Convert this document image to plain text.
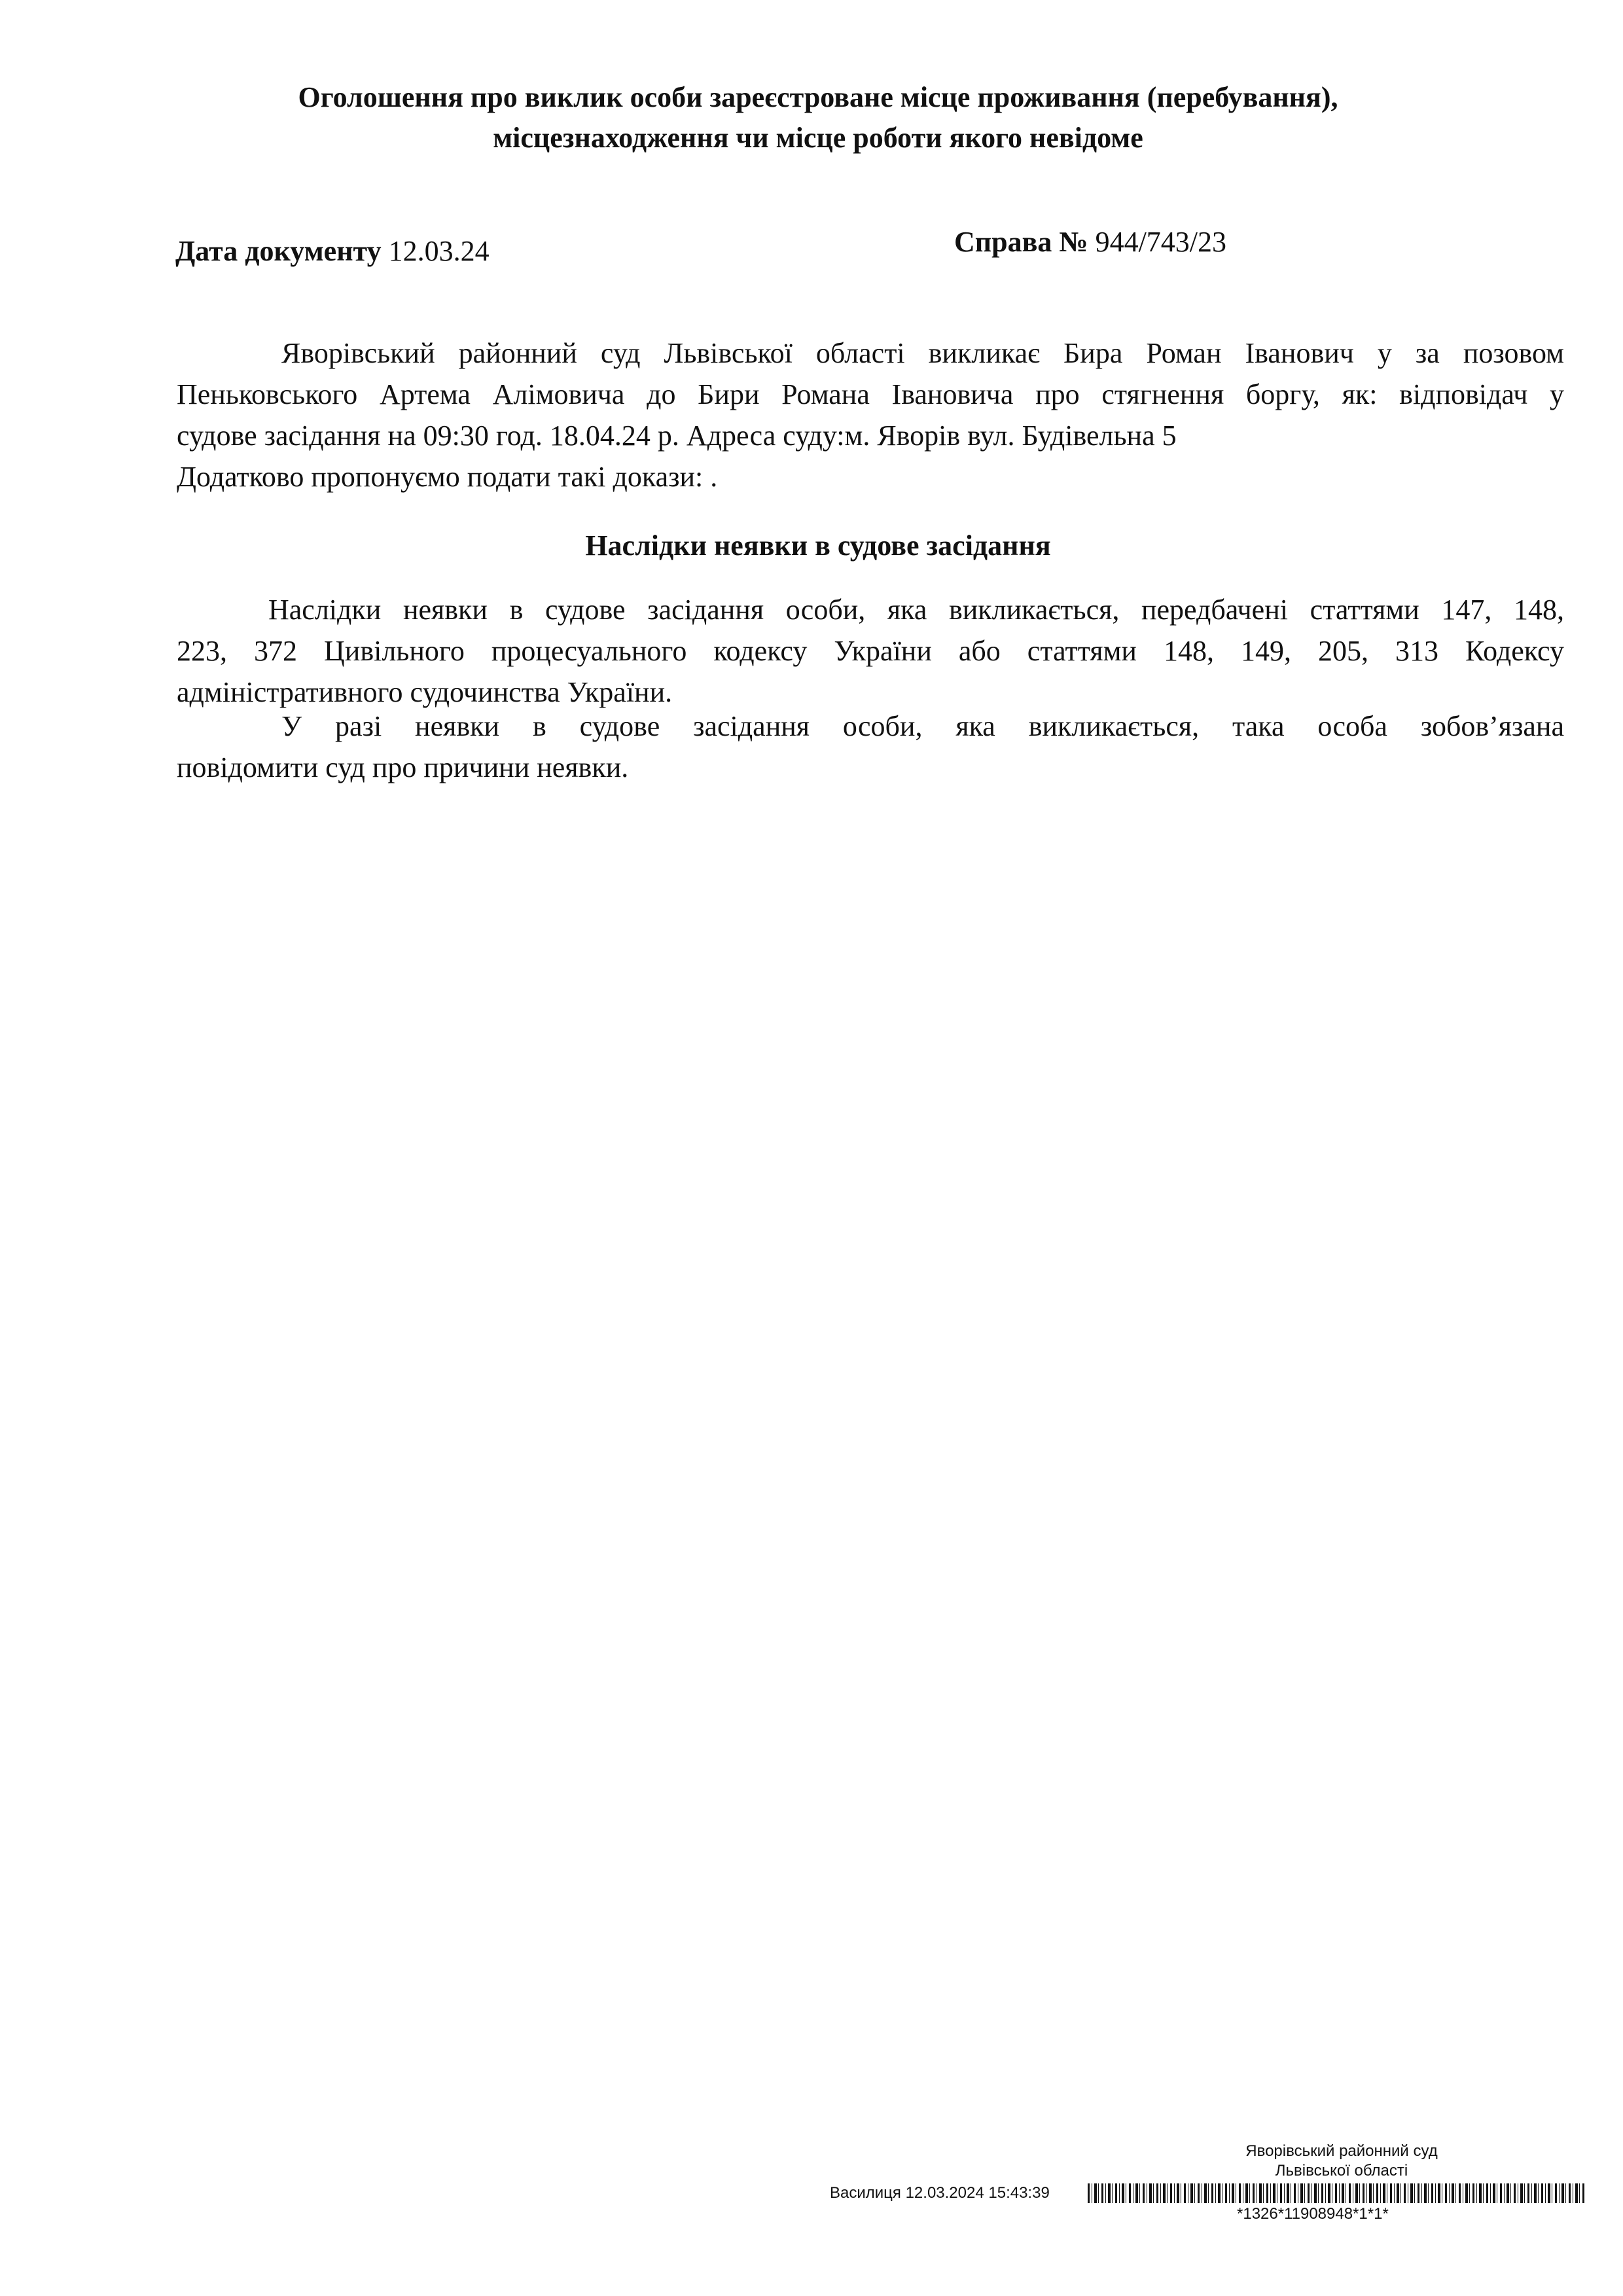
Оголошення про виклик особи зареєстроване місце проживання (перебування),
місцезнаходження чи місце роботи якого невідоме
Дата документу 12.03.24	Справа № 944/743/23
Яворівський районний суд Львівської області викликає Бира Роман Іванович у за позовом
Пеньковського Артема Алімовича до Бири Романа Івановича про стягнення боргу, як: відповідач у
судове засідання на 09:30 год. 18.04.24 р. Адреса суду:м. Яворів вул. Будівельна 5
Додатково пропонуємо подати такі докази: .
Наслідки неявки в судове засідання
Наслідки неявки в судове засідання особи, яка викликається, передбачені статтями 147, 148,
223, 372 Цивільного процесуального кодексу України або статтями 148, 149, 205, 313 Кодексу
адміністративного судочинства України.
У разі неявки в судове засідання особи, яка викликається, така особа зобов’язана
повідомити суд про причини неявки.
Яворівський районний суд
Львівської області
Василиця 12.03.2024 15:43:39
*1326*11908948*1*1*
